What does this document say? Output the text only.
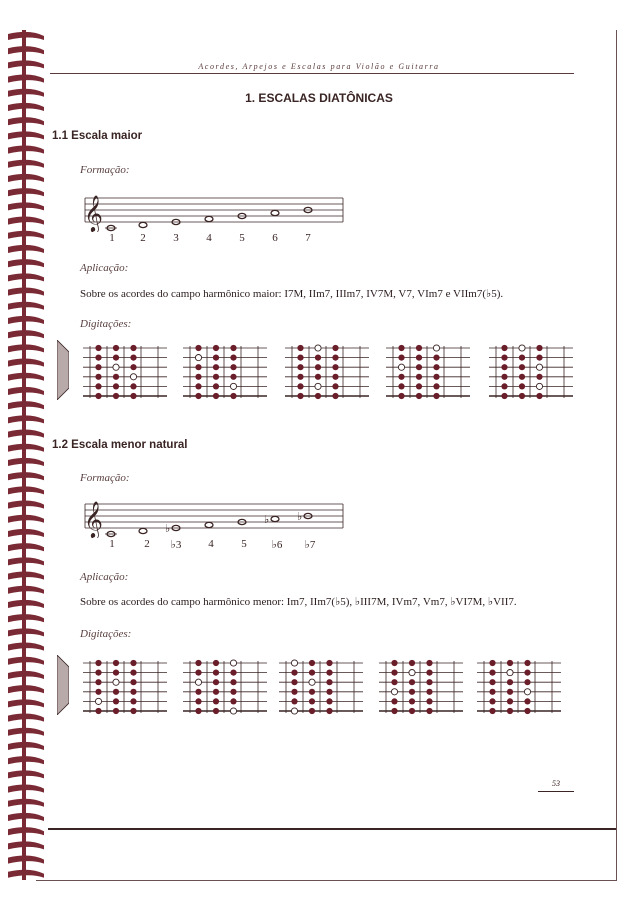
Acordes, Arpejos e Escalas para Violão e Guitarra
1. ESCALAS DIATÔNICAS
1.1 Escala maior
Formação:
𝄞
1 2	3	4	5	6	7
Aplicação:
Sobre os acordes do campo harmônico maior: I7M, IIm7, IIIm7, IV7M, V7, VIm7 e VIIm7(♭5).
Digitações:
1.2 Escala menor natural
Formação:
𝄞	♭
♭	♭
1	2 ♭3 4	5 ♭6 ♭7
Aplicação:
Sobre os acordes do campo harmônico menor: Im7, IIm7(♭5), ♭III7M, IVm7, Vm7, ♭VI7M, ♭VII7.
Digitações:
53
